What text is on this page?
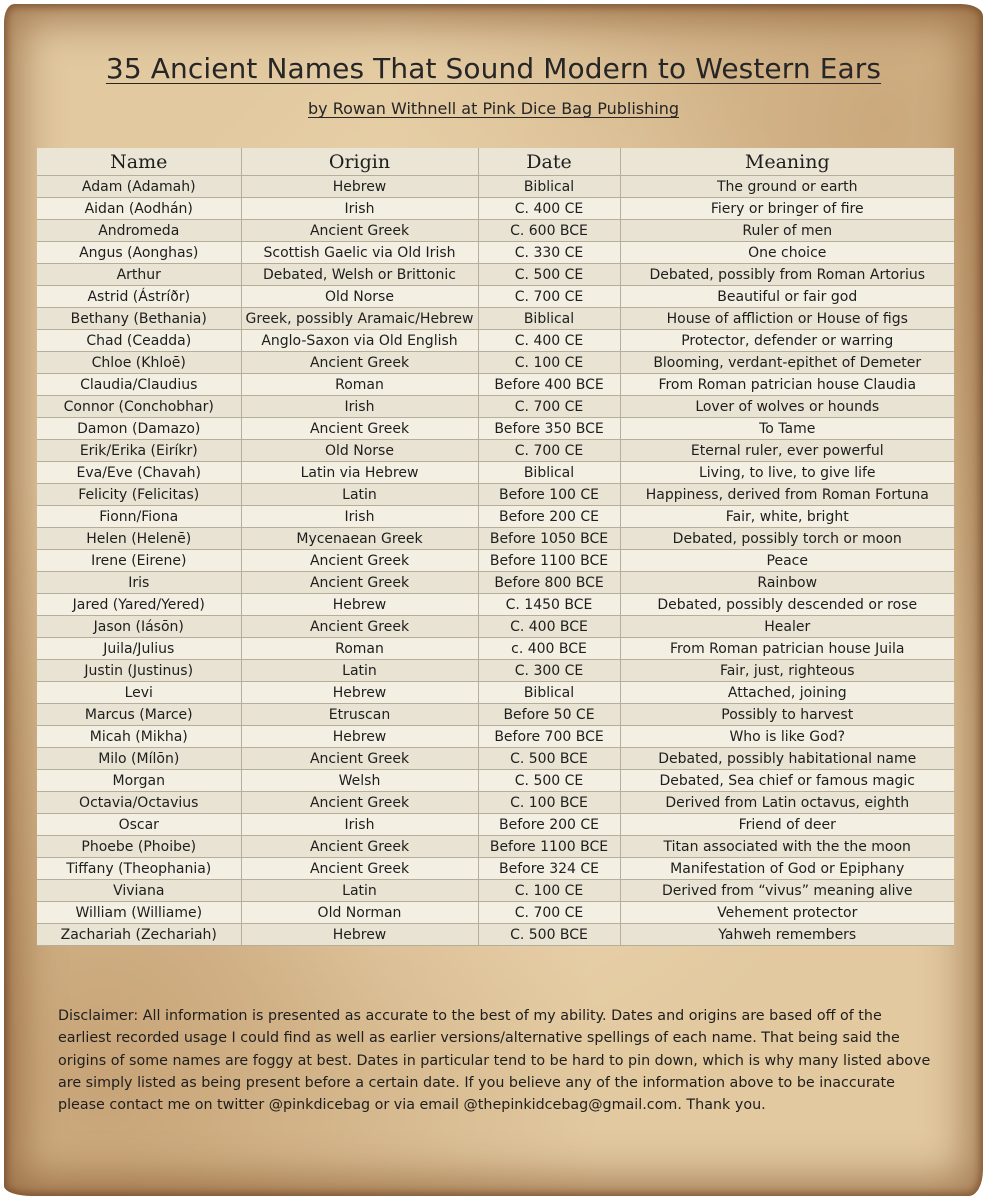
35 Ancient Names That Sound Modern to Western Ears
by Rowan Withnell at Pink Dice Bag Publishing
Name	Origin	Date	Meaning
Adam (Adamah)	Hebrew	Biblical	The ground or earth
Aidan (Aodhán)	Irish	C. 400 CE	Fiery or bringer of fire
Andromeda	Ancient Greek	C. 600 BCE	Ruler of men
Angus (Aonghas)	Scottish Gaelic via Old Irish	C. 330 CE	One choice
Arthur	Debated, Welsh or Brittonic	C. 500 CE	Debated, possibly from Roman Artorius
Astrid (Ástríðr)	Old Norse	C. 700 CE	Beautiful or fair god
Bethany (Bethania)	Greek, possibly Aramaic/Hebrew	Biblical	House of affliction or House of figs
Chad (Ceadda)	Anglo-Saxon via Old English	C. 400 CE	Protector, defender or warring
Chloe (Khloē)	Ancient Greek	C. 100 CE	Blooming, verdant-epithet of Demeter
Claudia/Claudius	Roman	Before 400 BCE	From Roman patrician house Claudia
Connor (Conchobhar)	Irish	C. 700 CE	Lover of wolves or hounds
Damon (Damazo)	Ancient Greek	Before 350 BCE	To Tame
Erik/Erika (Eiríkr)	Old Norse	C. 700 CE	Eternal ruler, ever powerful
Eva/Eve (Chavah)	Latin via Hebrew	Biblical	Living, to live, to give life
Felicity (Felicitas)	Latin	Before 100 CE	Happiness, derived from Roman Fortuna
Fionn/Fiona	Irish	Before 200 CE	Fair, white, bright
Helen (Helenē)	Mycenaean Greek	Before 1050 BCE	Debated, possibly torch or moon
Irene (Eirene)	Ancient Greek	Before 1100 BCE	Peace
Iris	Ancient Greek	Before 800 BCE	Rainbow
Jared (Yared/Yered)	Hebrew	C. 1450 BCE	Debated, possibly descended or rose
Jason (Iásōn)	Ancient Greek	C. 400 BCE	Healer
Juila/Julius	Roman	c. 400 BCE	From Roman patrician house Juila
Justin (Justinus)	Latin	C. 300 CE	Fair, just, righteous
Levi	Hebrew	Biblical	Attached, joining
Marcus (Marce)	Etruscan	Before 50 CE	Possibly to harvest
Micah (Mikha)	Hebrew	Before 700 BCE	Who is like God?
Milo (Mílōn)	Ancient Greek	C. 500 BCE	Debated, possibly habitational name
Morgan	Welsh	C. 500 CE	Debated, Sea chief or famous magic
Octavia/Octavius	Ancient Greek	C. 100 BCE	Derived from Latin octavus, eighth
Oscar	Irish	Before 200 CE	Friend of deer
Phoebe (Phoibe)	Ancient Greek	Before 1100 BCE	Titan associated with the the moon
Tiffany (Theophania)	Ancient Greek	Before 324 CE	Manifestation of God or Epiphany
Viviana	Latin	C. 100 CE	Derived from “vivus” meaning alive
William (Williame)	Old Norman	C. 700 CE	Vehement protector
Zachariah (Zechariah)	Hebrew	C. 500 BCE	Yahweh remembers
Disclaimer: All information is presented as accurate to the best of my ability. Dates and origins are based off of the earliest recorded usage I could find as well as earlier versions/alternative spellings of each name. That being said the origins of some names are foggy at best. Dates in particular tend to be hard to pin down, which is why many listed above are simply listed as being present before a certain date. If you believe any of the information above to be inaccurate please contact me on twitter @pinkdicebag or via email @thepinkidcebag@gmail.com. Thank you.
